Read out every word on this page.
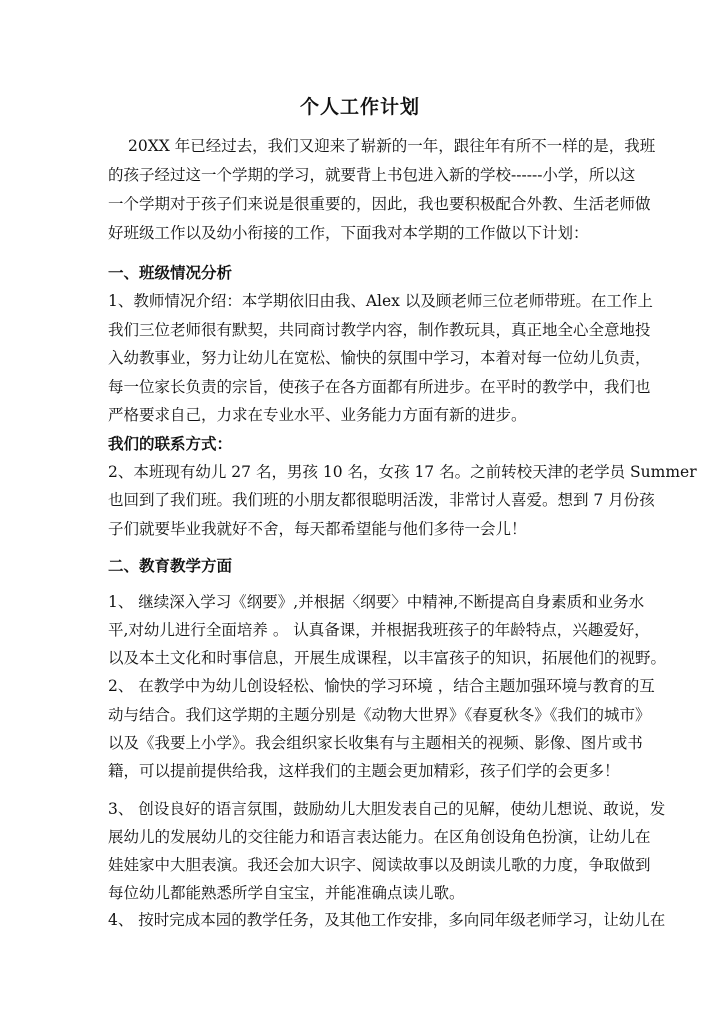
个人工作计划
20XX 年已经过去，我们又迎来了崭新的一年，跟往年有所不一样的是，我班
的孩子经过这一个学期的学习，就要背上书包进入新的学校------小学，所以这
一个学期对于孩子们来说是很重要的，因此，我也要积极配合外教、生活老师做
好班级工作以及幼小衔接的工作，下面我对本学期的工作做以下计划：
一、班级情况分析
1、教师情况介绍：本学期依旧由我、Alex 以及顾老师三位老师带班。在工作上
我们三位老师很有默契，共同商讨教学内容，制作教玩具，真正地全心全意地投
入幼教事业，努力让幼儿在宽松、愉快的氛围中学习，本着对每一位幼儿负责，
每一位家长负责的宗旨，使孩子在各方面都有所进步。在平时的教学中，我们也
严格要求自己，力求在专业水平、业务能力方面有新的进步。
我们的联系方式：
2、本班现有幼儿 27 名，男孩 10 名，女孩 17 名。之前转校天津的老学员 Summer
也回到了我们班。我们班的小朋友都很聪明活泼，非常讨人喜爱。想到 7 月份孩
子们就要毕业我就好不舍，每天都希望能与他们多待一会儿！
二、教育教学方面
1、 继续深入学习《纲要》,并根据〈纲要〉中精神,不断提高自身素质和业务水
平,对幼儿进行全面培养 。 认真备课，并根据我班孩子的年龄特点，兴趣爱好，
以及本土文化和时事信息，开展生成课程，以丰富孩子的知识，拓展他们的视野。
2、 在教学中为幼儿创设轻松、愉快的学习环境 ，结合主题加强环境与教育的互
动与结合。我们这学期的主题分别是《动物大世界》《春夏秋冬》《我们的城市》
以及《我要上小学》。我会组织家长收集有与主题相关的视频、影像、图片或书
籍，可以提前提供给我，这样我们的主题会更加精彩，孩子们学的会更多！
3、 创设良好的语言氛围，鼓励幼儿大胆发表自己的见解，使幼儿想说、敢说，发
展幼儿的发展幼儿的交往能力和语言表达能力。在区角创设角色扮演，让幼儿在
娃娃家中大胆表演。我还会加大识字、阅读故事以及朗读儿歌的力度，争取做到
每位幼儿都能熟悉所学自宝宝，并能准确点读儿歌。
4、 按时完成本园的教学任务，及其他工作安排，多向同年级老师学习，让幼儿在
